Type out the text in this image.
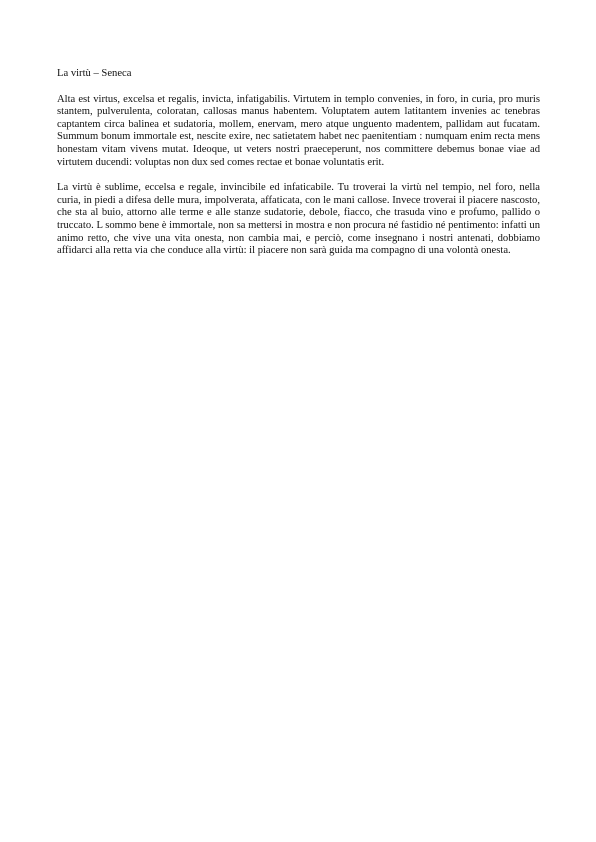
La virtù – Seneca

Alta est virtus, excelsa et regalis, invicta, infatigabilis. Virtutem in templo convenies, in foro, in curia, pro muris stantem, pulverulenta, coloratan, callosas manus habentem. Voluptatem autem latitantem invenies ac tenebras captantem circa balinea et sudatoria, mollem, enervam, mero atque unguento madentem, pallidam aut fucatam. Summum bonum immortale est, nescite exire, nec satietatem habet nec paenitentiam : numquam enim recta mens honestam vitam vivens mutat. Ideoque, ut veters nostri praeceperunt, nos committere debemus bonae viae ad virtutem ducendi: voluptas non dux sed comes rectae et bonae voluntatis erit.

La virtù è sublime, eccelsa e regale, invincibile ed infaticabile. Tu troverai la virtù nel tempio, nel foro, nella curia, in piedi a difesa delle mura, impolverata, affaticata, con le mani callose. Invece troverai il piacere nascosto, che sta al buio, attorno alle terme e alle stanze sudatorie, debole, fiacco, che trasuda vino e profumo, pallido o truccato. L sommo bene è immortale, non sa mettersi in mostra e non procura né fastidio né pentimento: infatti un animo retto, che vive una vita onesta, non cambia mai, e perciò, come insegnano i nostri antenati, dobbiamo affidarci alla retta via che conduce alla virtù: il piacere non sarà guida ma compagno di una volontà onesta.
